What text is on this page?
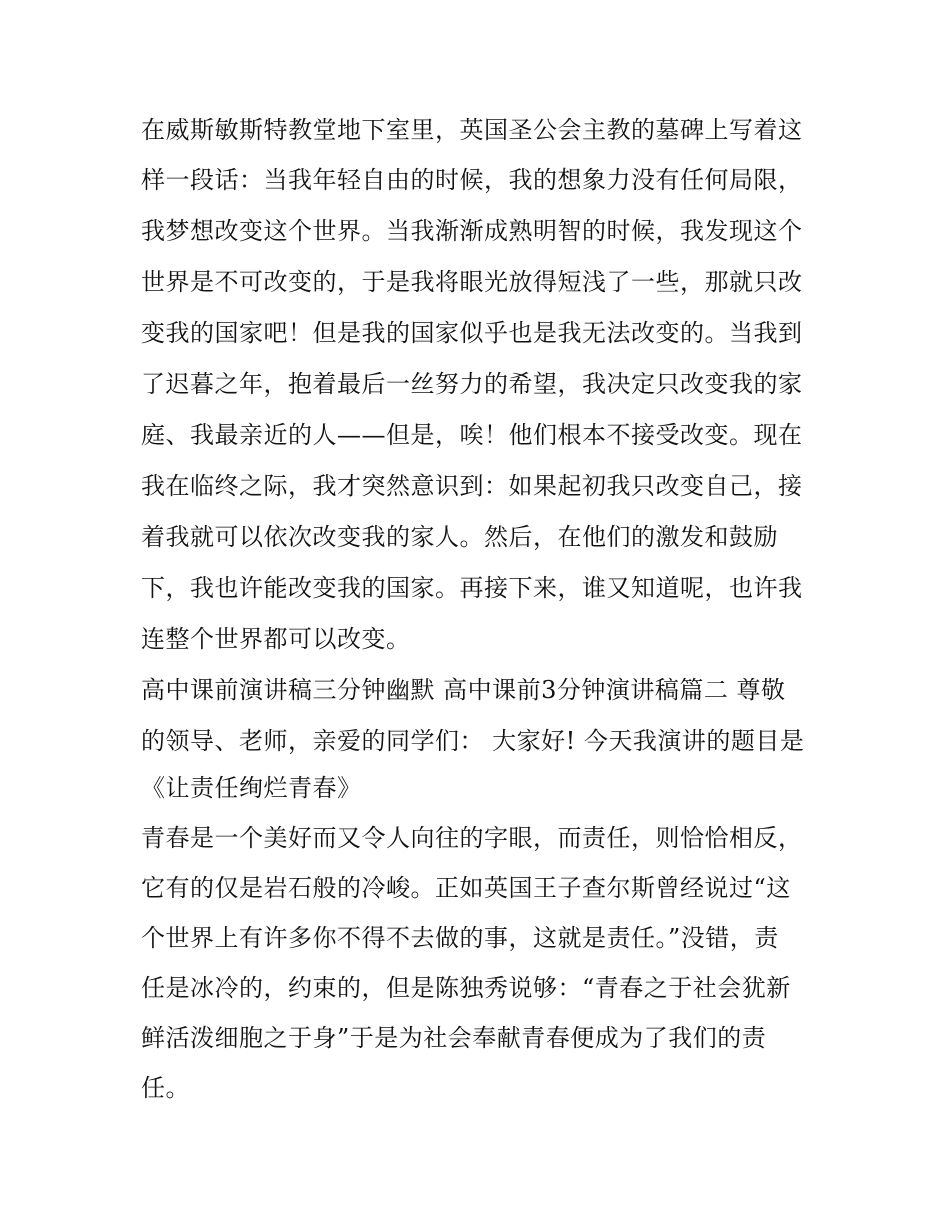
在威斯敏斯特教堂地下室里，英国圣公会主教的墓碑上写着这
样一段话：当我年轻自由的时候，我的想象力没有任何局限，
我梦想改变这个世界。当我渐渐成熟明智的时候，我发现这个
世界是不可改变的，于是我将眼光放得短浅了一些，那就只改
变我的国家吧！但是我的国家似乎也是我无法改变的。当我到
了迟暮之年，抱着最后一丝努力的希望，我决定只改变我的家
庭、我最亲近的人——但是，唉！他们根本不接受改变。现在
我在临终之际，我才突然意识到：如果起初我只改变自己，接
着我就可以依次改变我的家人。然后，在他们的激发和鼓励
下，我也许能改变我的国家。再接下来，谁又知道呢，也许我
连整个世界都可以改变。
高中课前演讲稿三分钟幽默 高中课前3分钟演讲稿篇二 尊敬
的领导、老师，亲爱的同学们： 大家好! 今天我演讲的题目是
《让责任绚烂青春》
青春是一个美好而又令人向往的字眼，而责任，则恰恰相反，
它有的仅是岩石般的冷峻。正如英国王子查尔斯曾经说过“这
个世界上有许多你不得不去做的事，这就是责任。”没错，责
任是冰冷的，约束的，但是陈独秀说够：“青春之于社会犹新
鲜活泼细胞之于身”于是为社会奉献青春便成为了我们的责
任。
